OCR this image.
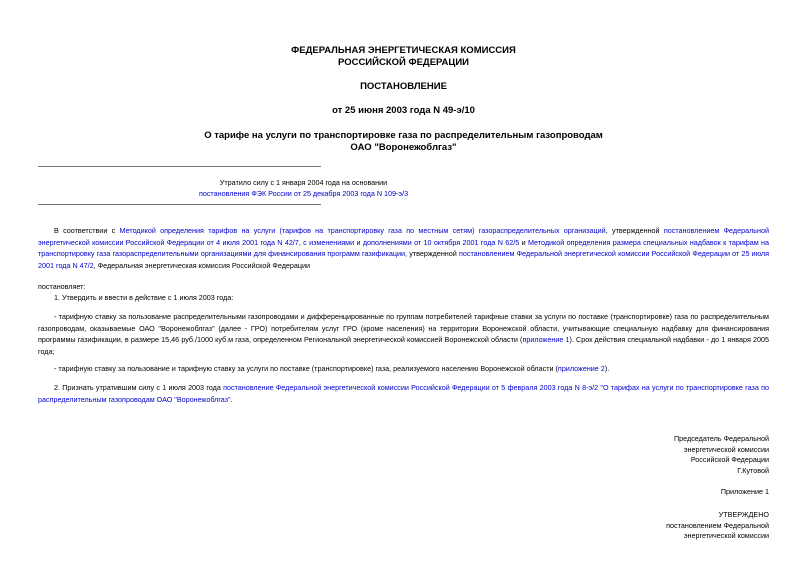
ФЕДЕРАЛЬНАЯ ЭНЕРГЕТИЧЕСКАЯ КОМИССИЯ
РОССИЙСКОЙ ФЕДЕРАЦИИ
ПОСТАНОВЛЕНИЕ
от 25 июня 2003 года N 49-э/10
О тарифе на услуги по транспортировке газа по распределительным газопроводам
ОАО "Воронежоблгаз"
Утратило силу с 1 января 2004 года на основании
постановления ФЭК России от 25 декабря 2003 года N 109-э/3
В соответствии с Методикой определения тарифов на услуги (тарифов на транспортировку газа по местным сетям) газораспределительных организаций, утвержденной постановлением Федеральной энергетической комиссии Российской Федерации от 4 июля 2001 года N 42/7, с изменениями и дополнениями от 10 октября 2001 года N 62/5 и Методикой определения размера специальных надбавок к тарифам на транспортировку газа газораспределительными организациями для финансирования программ газификации, утвержденной постановлением Федеральной энергетической комиссии Российской Федерации от 25 июля 2001 года N 47/2, Федеральная энергетическая комиссия Российской Федерации
постановляет:
1. Утвердить и ввести в действие с 1 июля 2003 года:
- тарифную ставку за пользование распределительными газопроводами и дифференцированные по группам потребителей тарифные ставки за услуги по поставке (транспортировке) газа по распределительным газопроводам, оказываемые ОАО "Воронежоблгаз" (далее - ГРО) потребителям услуг ГРО (кроме населения) на территории Воронежской области, учитывающие специальную надбавку для финансирования программы газификации, в размере 15,46 руб./1000 куб.м газа, определенном Региональной энергетической комиссией Воронежской области (приложение 1). Срок действия специальной надбавки - до 1 января 2005 года;
- тарифную ставку за пользование и тарифную ставку за услуги по поставке (транспортировке) газа, реализуемого населению Воронежской области (приложение 2).
2. Признать утратившим силу с 1 июля 2003 года постановление Федеральной энергетической комиссии Российской Федерации от 5 февраля 2003 года N 8-э/2 "О тарифах на услуги по транспортировке газа по распределительным газопроводам ОАО "Воронежоблгаз".
Председатель Федеральной
энергетической комиссии
Российской Федерации
Г.Кутовой
Приложение 1
УТВЕРЖДЕНО
постановлением Федеральной
энергетической комиссии
